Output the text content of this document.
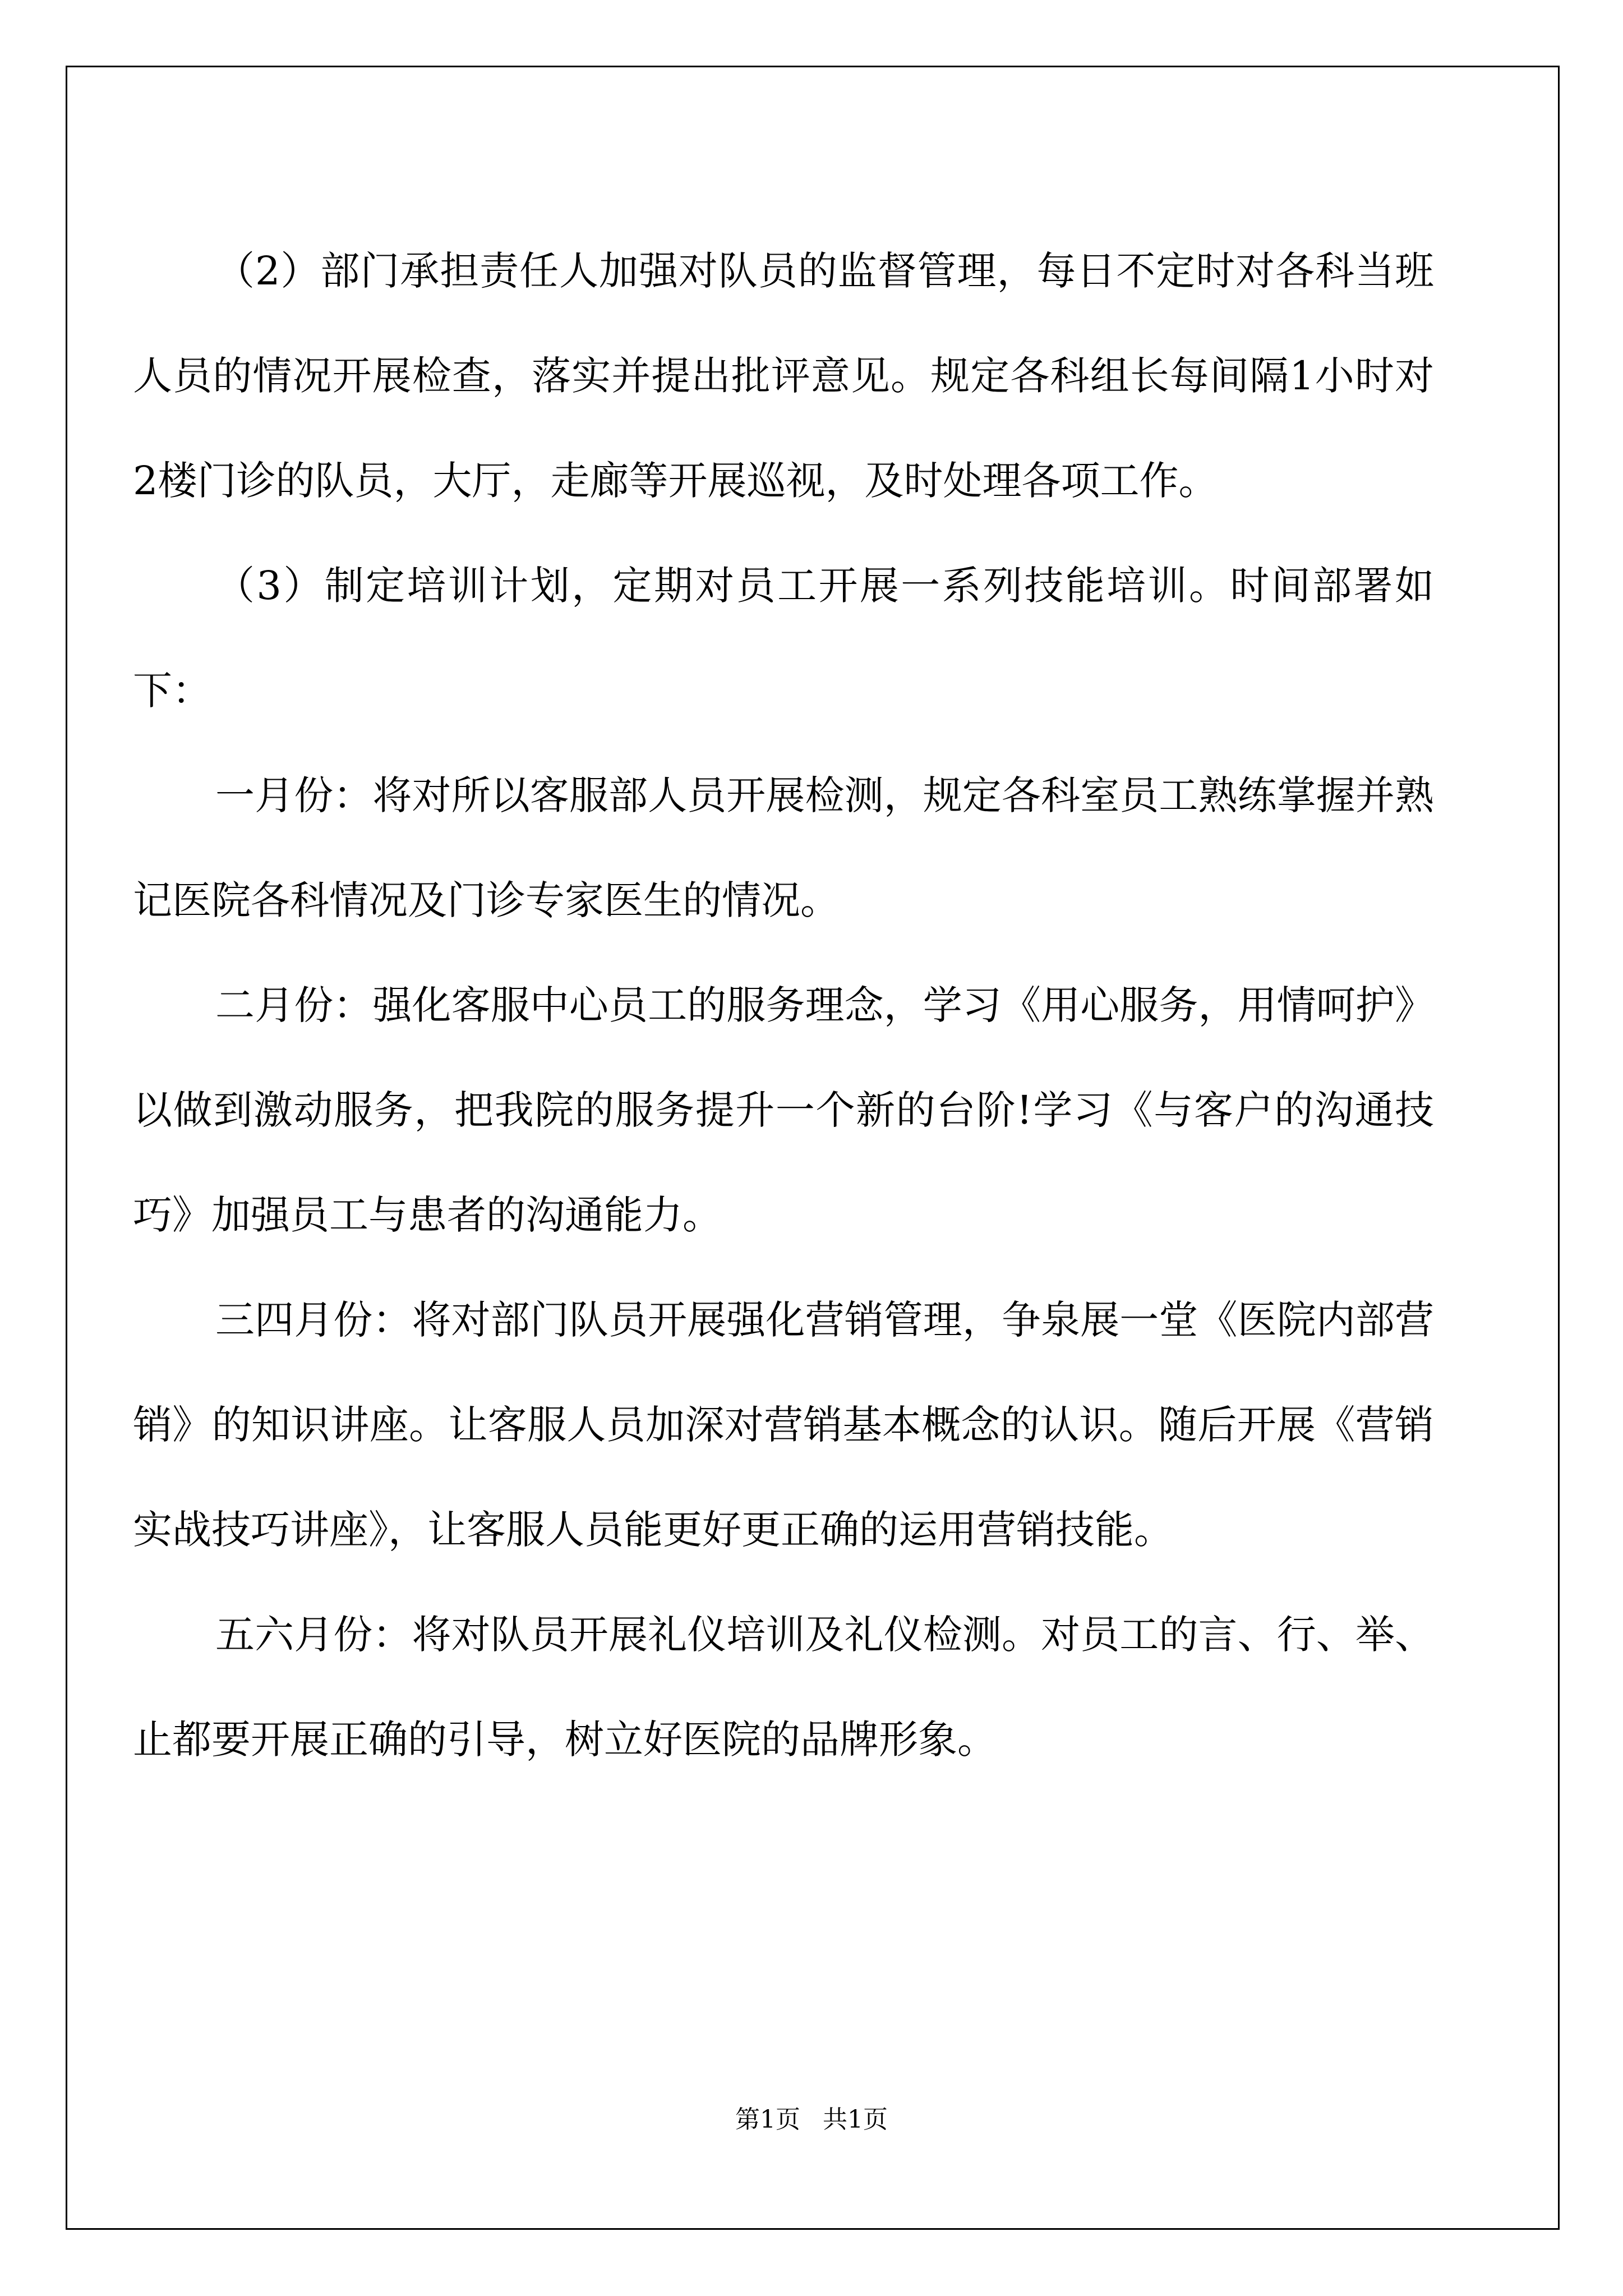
（2）部门承担责任人加强对队员的监督管理，每日不定时对各科当班人员的情况开展检查，落实并提出批评意见。规定各科组长每间隔1小时对2楼门诊的队员，大厅，走廊等开展巡视，及时处理各项工作。

（3）制定培训计划，定期对员工开展一系列技能培训。时间部署如下：

一月份：将对所以客服部人员开展检测，规定各科室员工熟练掌握并熟记医院各科情况及门诊专家医生的情况。

二月份：强化客服中心员工的服务理念，学习《用心服务，用情呵护》以做到激动服务，把我院的服务提升一个新的台阶!学习《与客户的沟通技巧》加强员工与患者的沟通能力。

三四月份：将对部门队员开展强化营销管理，争泉展一堂《医院内部营销》的知识讲座。让客服人员加深对营销基本概念的认识。随后开展《营销实战技巧讲座》，让客服人员能更好更正确的运用营销技能。

五六月份：将对队员开展礼仪培训及礼仪检测。对员工的言、行、举、止都要开展正确的引导，树立好医院的品牌形象。

第1页 共1页
